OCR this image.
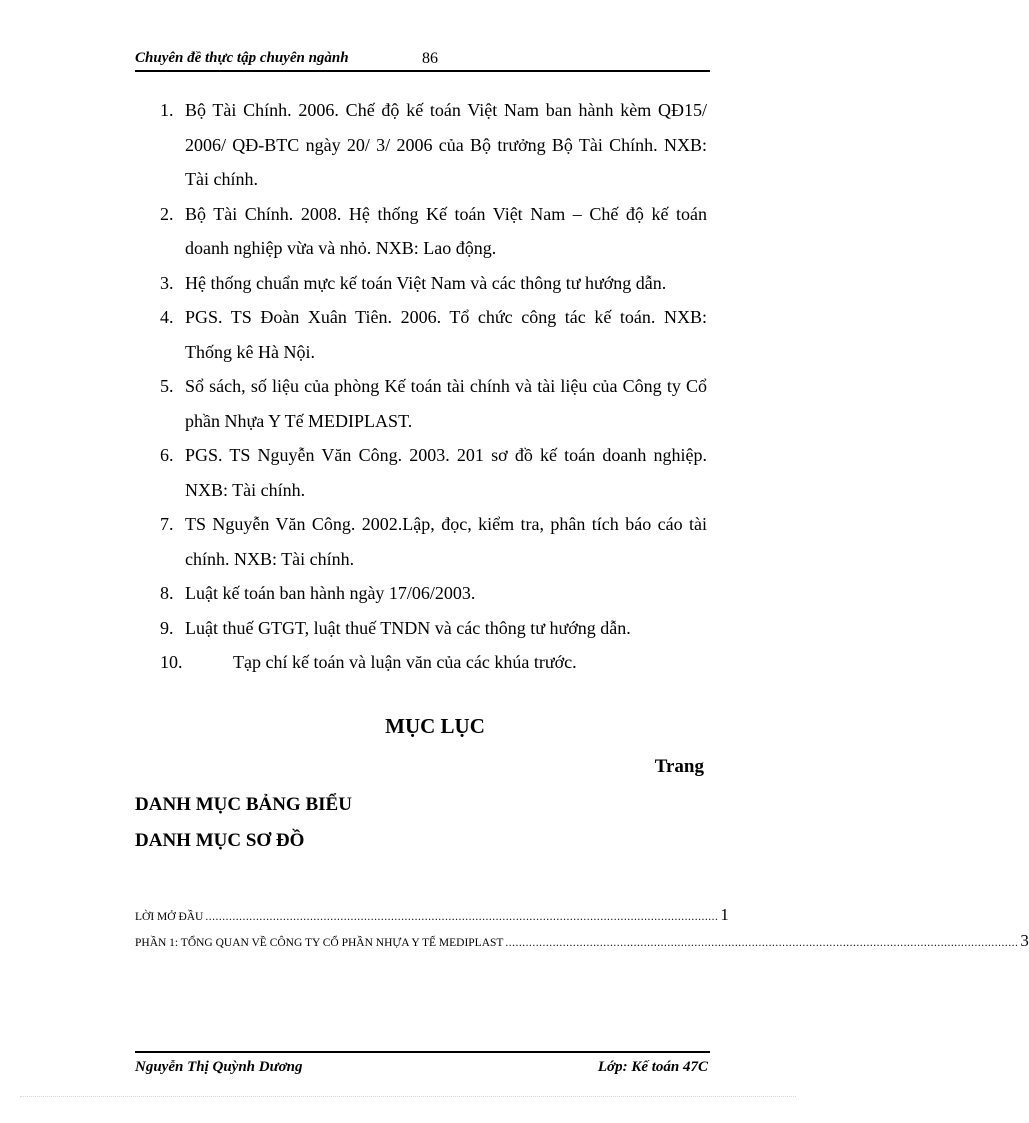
Chuyên đề thực tập chuyên ngành	86
1. Bộ Tài Chính. 2006. Chế độ kế toán Việt Nam ban hành kèm QĐ15/ 2006/ QĐ-BTC ngày 20/ 3/ 2006 của Bộ trưởng Bộ Tài Chính. NXB: Tài chính.
2. Bộ Tài Chính. 2008. Hệ thống Kế toán Việt Nam – Chế độ kế toán doanh nghiệp vừa và nhỏ. NXB: Lao động.
3. Hệ thống chuẩn mực kế toán Việt Nam và các thông tư hướng dẫn.
4. PGS. TS Đoàn Xuân Tiên. 2006. Tổ chức công tác kế toán. NXB: Thống kê Hà Nội.
5. Sổ sách, số liệu của phòng Kế toán tài chính và tài liệu của Công ty Cổ phần Nhựa Y Tế MEDIPLAST.
6. PGS. TS Nguyễn Văn Công. 2003. 201 sơ đồ kế toán doanh nghiệp. NXB: Tài chính.
7. TS Nguyễn Văn Công. 2002.Lập, đọc, kiểm tra, phân tích báo cáo tài chính. NXB: Tài chính.
8. Luật kế toán ban hành ngày 17/06/2003.
9. Luật thuế GTGT, luật thuế TNDN và các thông tư hướng dẫn.
10.	Tạp chí kế toán và luận văn của các khúa trước.
MỤC LỤC
Trang
DANH MỤC BẢNG BIỂU
DANH MỤC SƠ ĐỒ
LỜI MỞ ĐẦU ........................................................................................................................................................ 1
PHẦN 1: TỔNG QUAN VỀ CÔNG TY CỔ PHẦN NHỰA Y TẾ MEDIPLAST ........................................................................................................................................................ 3
Nguyễn Thị Quỳnh Dương	Lớp: Kế toán 47C
